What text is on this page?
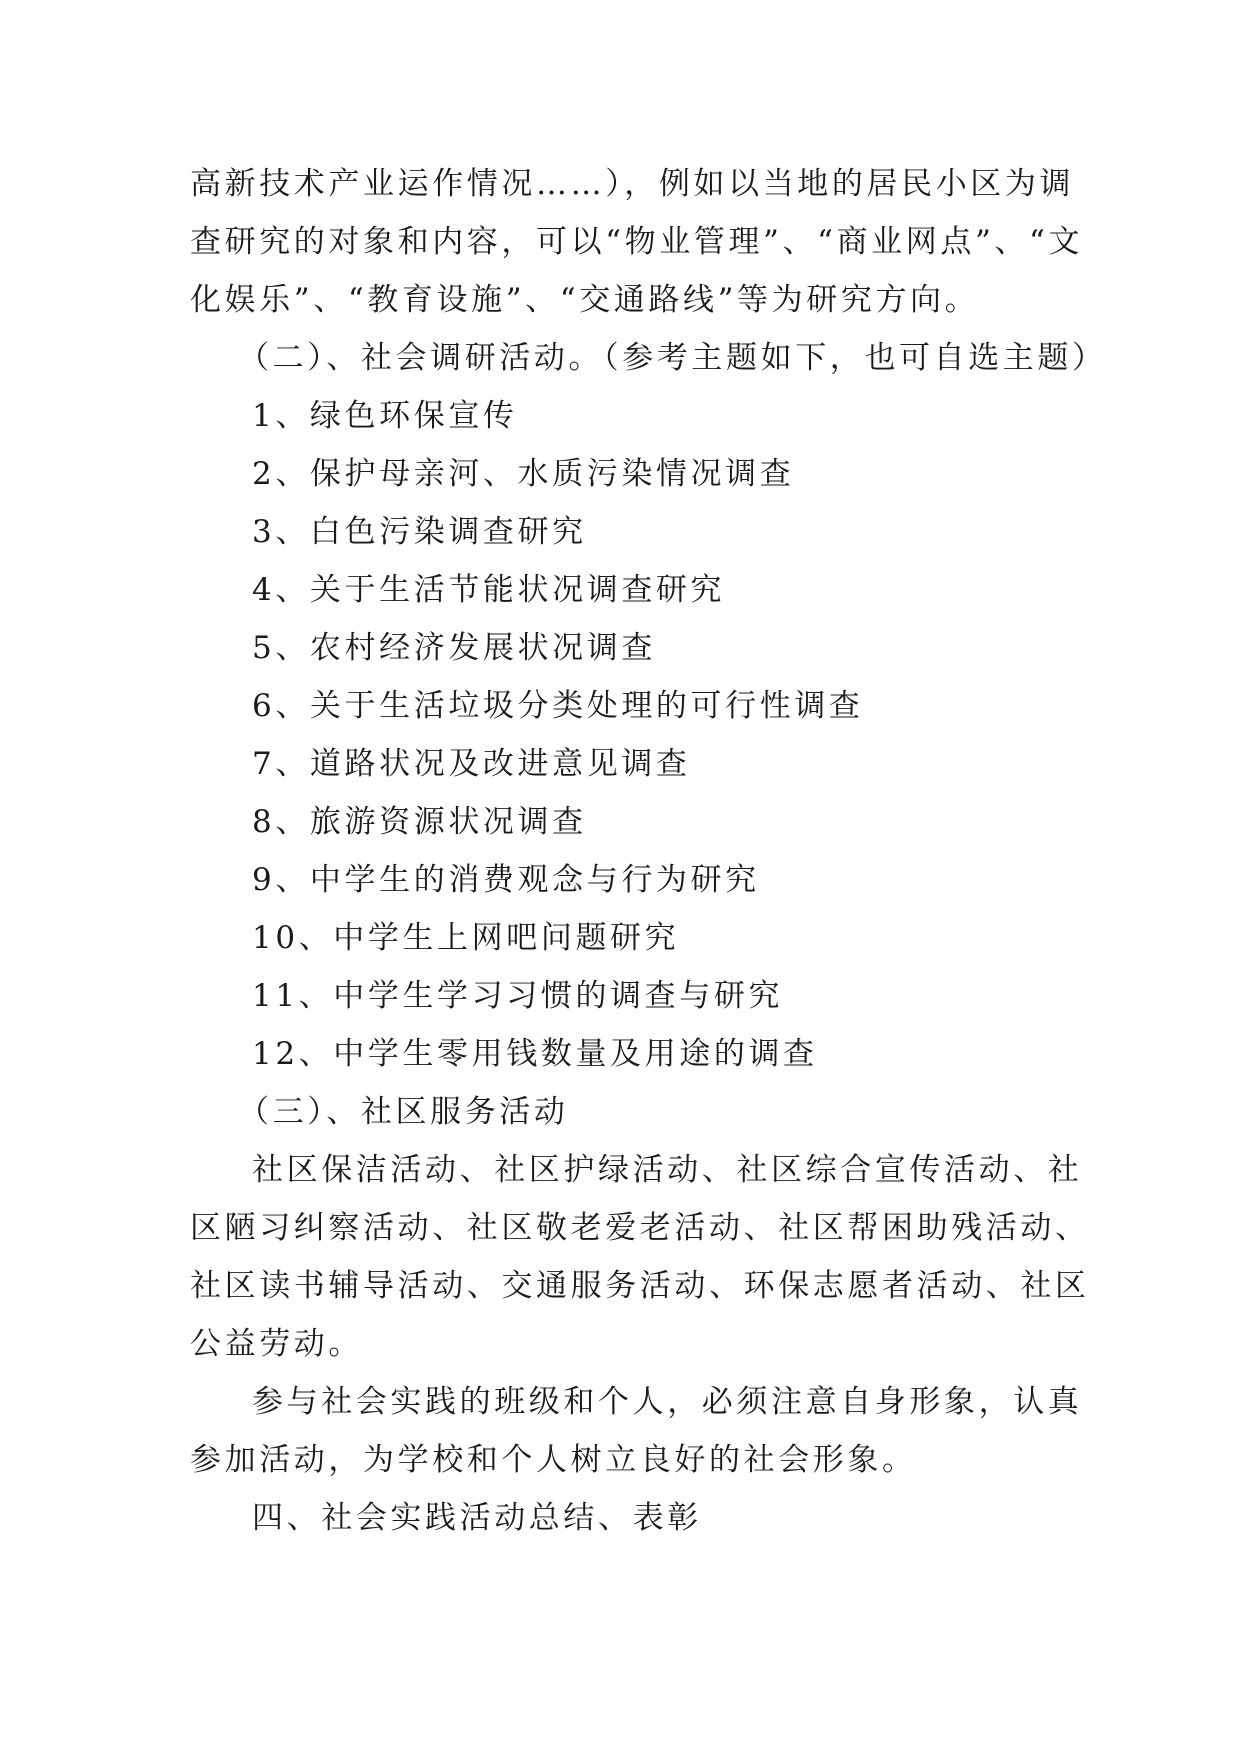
高新技术产业运作情况……），例如以当地的居民小区为调
查研究的对象和内容，可以“物业管理”、“商业网点”、“文
化娱乐”、“教育设施”、“交通路线”等为研究方向。
（二）、社会调研活动。（参考主题如下，也可自选主题）
1、绿色环保宣传
2、保护母亲河、水质污染情况调查
3、白色污染调查研究
4、关于生活节能状况调查研究
5、农村经济发展状况调查
6、关于生活垃圾分类处理的可行性调查
7、道路状况及改进意见调查
8、旅游资源状况调查
9、中学生的消费观念与行为研究
10、中学生上网吧问题研究
11、中学生学习习惯的调查与研究
12、中学生零用钱数量及用途的调查
（三）、社区服务活动
社区保洁活动、社区护绿活动、社区综合宣传活动、社
区陋习纠察活动、社区敬老爱老活动、社区帮困助残活动、
社区读书辅导活动、交通服务活动、环保志愿者活动、社区
公益劳动。
参与社会实践的班级和个人，必须注意自身形象，认真
参加活动，为学校和个人树立良好的社会形象。
四、社会实践活动总结、表彰
